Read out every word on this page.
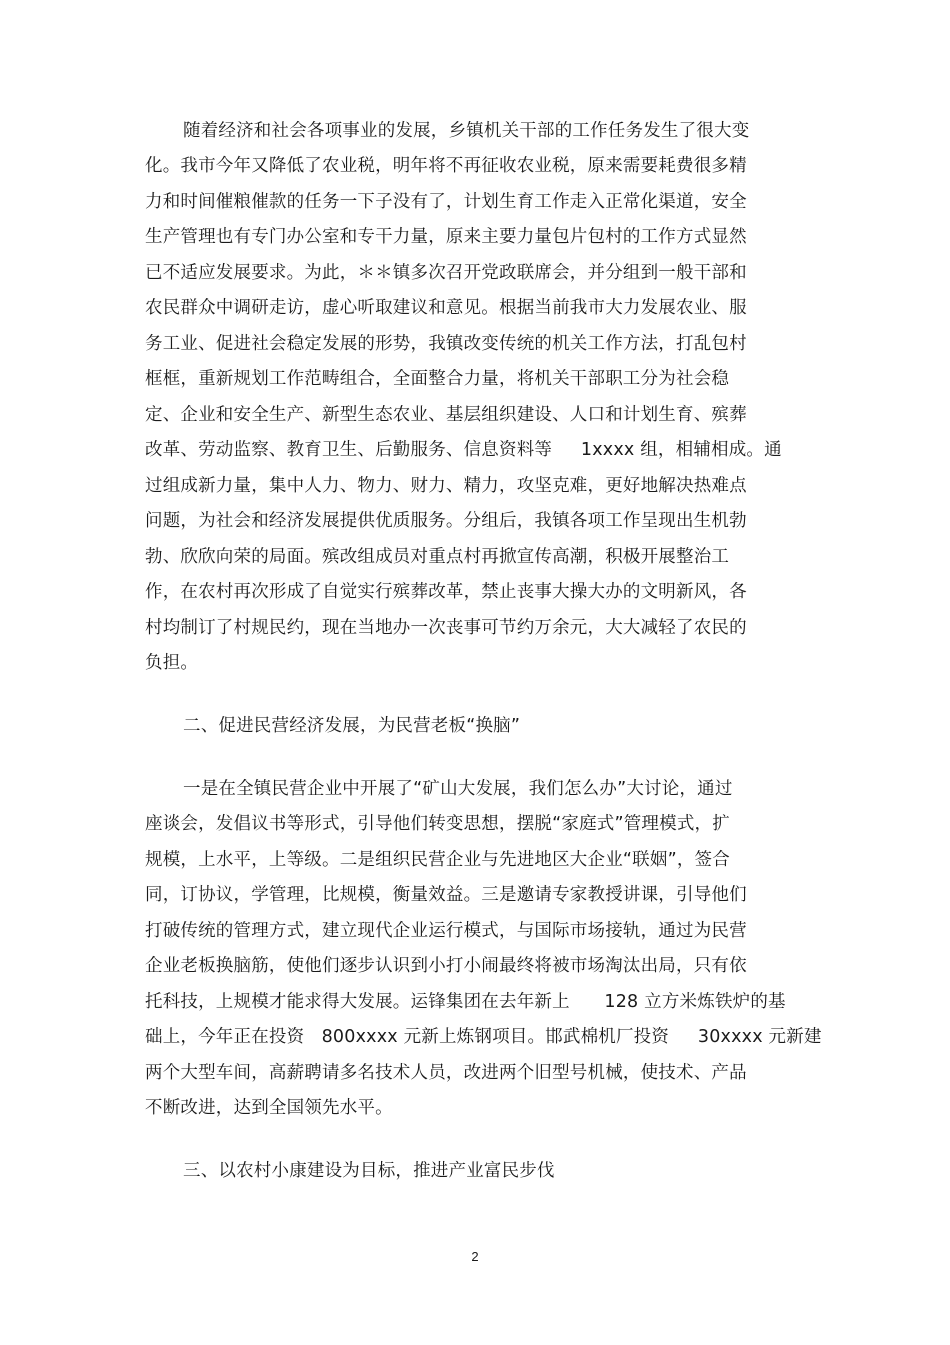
随着经济和社会各项事业的发展，乡镇机关干部的工作任务发生了很大变
化。我市今年又降低了农业税，明年将不再征收农业税，原来需要耗费很多精
力和时间催粮催款的任务一下子没有了，计划生育工作走入正常化渠道，安全
生产管理也有专门办公室和专干力量，原来主要力量包片包村的工作方式显然
已不适应发展要求。为此，＊＊镇多次召开党政联席会，并分组到一般干部和
农民群众中调研走访，虚心听取建议和意见。根据当前我市大力发展农业、服
务工业、促进社会稳定发展的形势，我镇改变传统的机关工作方法，打乱包村
框框，重新规划工作范畴组合，全面整合力量，将机关干部职工分为社会稳
定、企业和安全生产、新型生态农业、基层组织建设、人口和计划生育、殡葬
改革、劳动监察、教育卫生、后勤服务、信息资料等     1xxxx 组，相辅相成。通
过组成新力量，集中人力、物力、财力、精力，攻坚克难，更好地解决热难点
问题，为社会和经济发展提供优质服务。分组后，我镇各项工作呈现出生机勃
勃、欣欣向荣的局面。殡改组成员对重点村再掀宣传高潮，积极开展整治工
作，在农村再次形成了自觉实行殡葬改革，禁止丧事大操大办的文明新风，各
村均制订了村规民约，现在当地办一次丧事可节约万余元，大大减轻了农民的
负担。
二、促进民营经济发展，为民营老板“换脑”
一是在全镇民营企业中开展了“矿山大发展，我们怎么办”大讨论，通过
座谈会，发倡议书等形式，引导他们转变思想，摆脱“家庭式”管理模式，扩
规模，上水平，上等级。二是组织民营企业与先进地区大企业“联姻”，签合
同，订协议，学管理，比规模，衡量效益。三是邀请专家教授讲课，引导他们
打破传统的管理方式，建立现代企业运行模式，与国际市场接轨，通过为民营
企业老板换脑筋，使他们逐步认识到小打小闹最终将被市场淘汰出局，只有依
托科技，上规模才能求得大发展。运锋集团在去年新上      128 立方米炼铁炉的基
础上，今年正在投资   800xxxx 元新上炼钢项目。邯武棉机厂投资     30xxxx 元新建
两个大型车间，高薪聘请多名技术人员，改进两个旧型号机械，使技术、产品
不断改进，达到全国领先水平。
三、以农村小康建设为目标，推进产业富民步伐
2
